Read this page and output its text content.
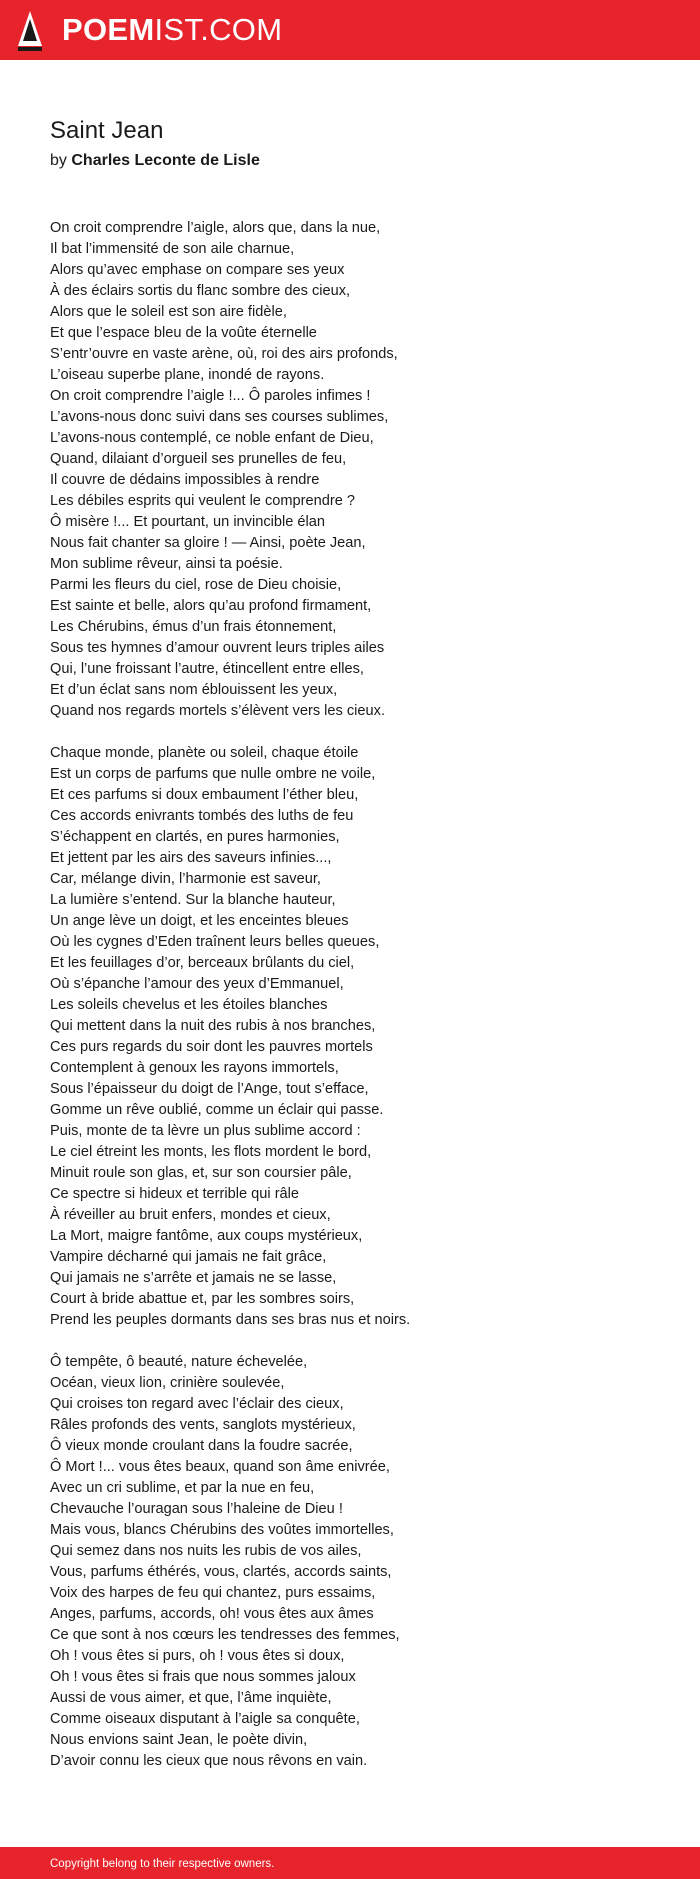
POEMIST.COM
Saint Jean
by Charles Leconte de Lisle
On croit comprendre l’aigle, alors que, dans la nue,
Il bat l’immensité de son aile charnue,
Alors qu’avec emphase on compare ses yeux
À des éclairs sortis du flanc sombre des cieux,
Alors que le soleil est son aire fidèle,
Et que l’espace bleu de la voûte éternelle
S’entr’ouvre en vaste arène, où, roi des airs profonds,
L’oiseau superbe plane, inondé de rayons.
On croit comprendre l’aigle !... Ô paroles infimes !
L’avons-nous donc suivi dans ses courses sublimes,
L’avons-nous contemplé, ce noble enfant de Dieu,
Quand, dilaiant d’orgueil ses prunelles de feu,
Il couvre de dédains impossibles à rendre
Les débiles esprits qui veulent le comprendre ?
Ô misère !... Et pourtant, un invincible élan
Nous fait chanter sa gloire ! — Ainsi, poète Jean,
Mon sublime rêveur, ainsi ta poésie.
Parmi les fleurs du ciel, rose de Dieu choisie,
Est sainte et belle, alors qu’au profond firmament,
Les Chérubins, émus d’un frais étonnement,
Sous tes hymnes d’amour ouvrent leurs triples ailes
Qui, l’une froissant l’autre, étincellent entre elles,
Et d’un éclat sans nom éblouissent les yeux,
Quand nos regards mortels s’élèvent vers les cieux.
Chaque monde, planète ou soleil, chaque étoile
Est un corps de parfums que nulle ombre ne voile,
Et ces parfums si doux embaument l’éther bleu,
Ces accords enivrants tombés des luths de feu
S’échappent en clartés, en pures harmonies,
Et jettent par les airs des saveurs infinies...,
Car, mélange divin, l’harmonie est saveur,
La lumière s’entend. Sur la blanche hauteur,
Un ange lève un doigt, et les enceintes bleues
Où les cygnes d’Eden traînent leurs belles queues,
Et les feuillages d’or, berceaux brûlants du ciel,
Où s’épanche l’amour des yeux d’Emmanuel,
Les soleils chevelus et les étoiles blanches
Qui mettent dans la nuit des rubis à nos branches,
Ces purs regards du soir dont les pauvres mortels
Contemplent à genoux les rayons immortels,
Sous l’épaisseur du doigt de l’Ange, tout s’efface,
Gomme un rêve oublié, comme un éclair qui passe.
Puis, monte de ta lèvre un plus sublime accord :
Le ciel étreint les monts, les flots mordent le bord,
Minuit roule son glas, et, sur son coursier pâle,
Ce spectre si hideux et terrible qui râle
À réveiller au bruit enfers, mondes et cieux,
La Mort, maigre fantôme, aux coups mystérieux,
Vampire décharné qui jamais ne fait grâce,
Qui jamais ne s’arrête et jamais ne se lasse,
Court à bride abattue et, par les sombres soirs,
Prend les peuples dormants dans ses bras nus et noirs.
Ô tempête, ô beauté, nature échevelée,
Océan, vieux lion, crinière soulevée,
Qui croises ton regard avec l’éclair des cieux,
Râles profonds des vents, sanglots mystérieux,
Ô vieux monde croulant dans la foudre sacrée,
Ô Mort !... vous êtes beaux, quand son âme enivrée,
Avec un cri sublime, et par la nue en feu,
Chevauche l’ouragan sous l’haleine de Dieu !
Mais vous, blancs Chérubins des voûtes immortelles,
Qui semez dans nos nuits les rubis de vos ailes,
Vous, parfums éthérés, vous, clartés, accords saints,
Voix des harpes de feu qui chantez, purs essaims,
Anges, parfums, accords, oh! vous êtes aux âmes
Ce que sont à nos cœurs les tendresses des femmes,
Oh ! vous êtes si purs, oh ! vous êtes si doux,
Oh ! vous êtes si frais que nous sommes jaloux
Aussi de vous aimer, et que, l’âme inquiète,
Comme oiseaux disputant à l’aigle sa conquête,
Nous envions saint Jean, le poète divin,
D’avoir connu les cieux que nous rêvons en vain.
Copyright belong to their respective owners.
